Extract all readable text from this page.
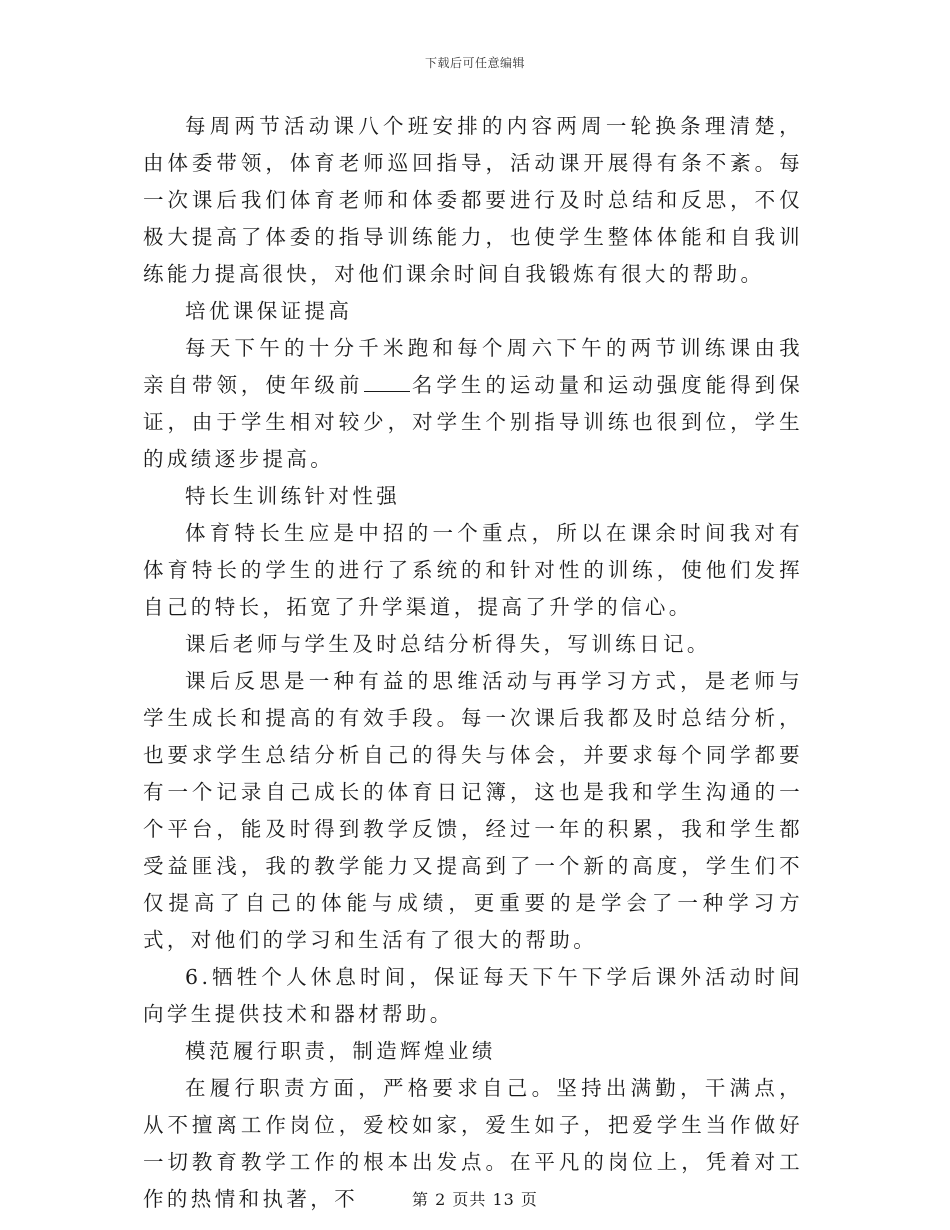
下载后可任意编辑

每周两节活动课八个班安排的内容两周一轮换条理清楚，由体委带领，体育老师巡回指导，活动课开展得有条不紊。每一次课后我们体育老师和体委都要进行及时总结和反思，不仅极大提高了体委的指导训练能力，也使学生整体体能和自我训练能力提高很快，对他们课余时间自我锻炼有很大的帮助。

培优课保证提高

每天下午的十分千米跑和每个周六下午的两节训练课由我亲自带领，使年级前 名学生的运动量和运动强度能得到保证，由于学生相对较少，对学生个别指导训练也很到位，学生的成绩逐步提高。

特长生训练针对性强

体育特长生应是中招的一个重点，所以在课余时间我对有体育特长的学生的进行了系统的和针对性的训练，使他们发挥自己的特长，拓宽了升学渠道，提高了升学的信心。

课后老师与学生及时总结分析得失，写训练日记。

课后反思是一种有益的思维活动与再学习方式，是老师与学生成长和提高的有效手段。每一次课后我都及时总结分析，也要求学生总结分析自己的得失与体会，并要求每个同学都要有一个记录自己成长的体育日记簿，这也是我和学生沟通的一个平台，能及时得到教学反馈，经过一年的积累，我和学生都受益匪浅，我的教学能力又提高到了一个新的高度，学生们不仅提高了自己的体能与成绩，更重要的是学会了一种学习方式，对他们的学习和生活有了很大的帮助。

6.牺牲个人休息时间，保证每天下午下学后课外活动时间向学生提供技术和器材帮助。

模范履行职责，制造辉煌业绩

在履行职责方面，严格要求自己。坚持出满勤，干满点，从不擅离工作岗位，爱校如家，爱生如子，把爱学生当作做好一切教育教学工作的根本出发点。在平凡的岗位上，凭着对工作的热情和执著，不	第 2 页共 13 页
